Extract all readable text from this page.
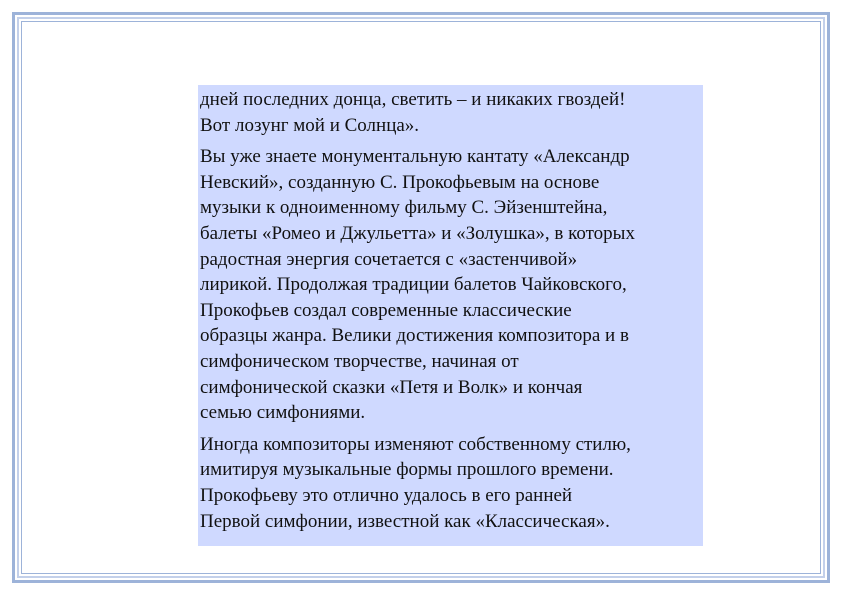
дней последних донца, светить – и никаких гвоздей!
Вот лозунг мой и Солнца».

Вы уже знаете монументальную кантату «Александр
Невский», созданную С. Прокофьевым на основе
музыки к одноименному фильму С. Эйзенштейна,
балеты «Ромео и Джульетта» и «Золушка», в которых
радостная энергия сочетается с «застенчивой»
лирикой. Продолжая традиции балетов Чайковского,
Прокофьев создал современные классические
образцы жанра. Велики достижения композитора и в
симфоническом творчестве, начиная от
симфонической сказки «Петя и Волк» и кончая
семью симфониями.

Иногда композиторы изменяют собственному стилю,
имитируя музыкальные формы прошлого времени.
Прокофьеву это отлично удалось в его ранней
Первой симфонии, известной как «Классическая».
